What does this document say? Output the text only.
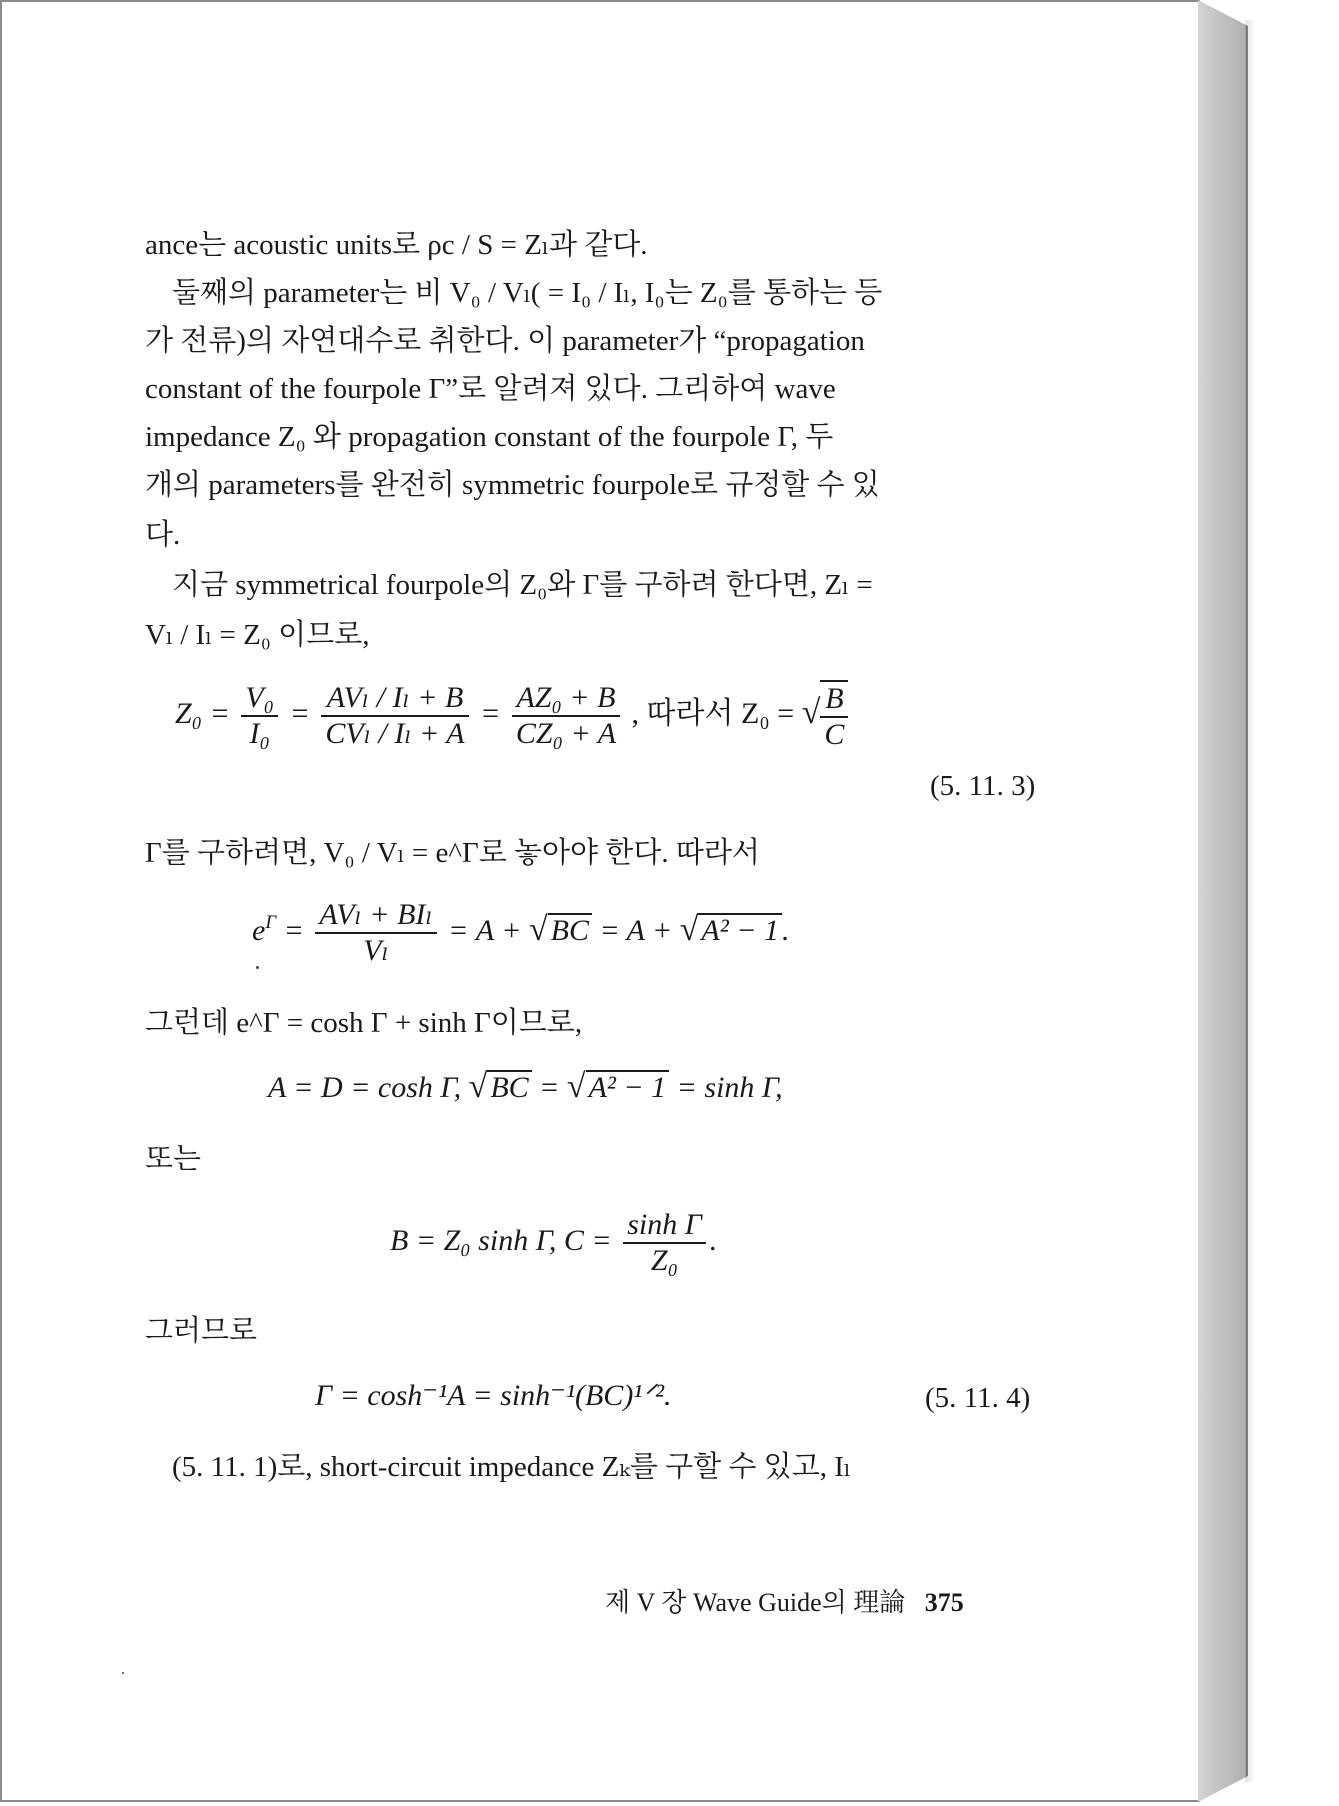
ance는 acoustic units로 ρc / S = Zₗ과 같다.
둘째의 parameter는 비 V₀ / Vₗ( = I₀ / Iₗ, I₀는 Z₀를 통하는 등
가 전류)의 자연대수로 취한다. 이 parameter가 “propagation
constant of the fourpole Γ”로 알려져 있다. 그리하여 wave
impedance Z₀ 와 propagation constant of the fourpole Γ, 두
개의 parameters를 완전히 symmetric fourpole로 규정할 수 있
다.
지금 symmetrical fourpole의 Z₀와 Γ를 구하려 한다면, Zₗ =
Vₗ / Iₗ = Z₀ 이므로,
$Z_0 = \frac{\text{V₀}}{\text{I₀}} = \frac{\text{AVₗ / Iₗ + B}}{\text{CVₗ / Iₗ + A}} = \frac{\text{AZ₀ + B}}{\text{CZ₀ + A}}$ , 따라서 Z₀ = √ $\frac{B}{C}$
(5. 11. 3)
Γ를 구하려면, V₀ / Vₗ = e^Γ로 놓아야 한다. 따라서
$e^\Gamma = \frac{\text{AVₗ + BIₗ}}{\text{Vₗ}} = A$ + √ BC = A + √ A² − 1 .
그런데 e^Γ = cosh Γ + sinh Γ이므로,
A = D = cosh Γ, √ BC = √ A² − 1 = sinh Γ,
또는
B = Z₀ sinh Γ, $C = \frac{\text{sinh Γ}}{\text{Z₀}}$ .
그러므로
Γ = cosh⁻¹A = sinh⁻¹(BC)¹ᐟ².	(5. 11. 4)
(5. 11. 1)로, short-circuit impedance Zₖ를 구할 수 있고, Iₗ
제 V 장 Wave Guide의 理論 375
